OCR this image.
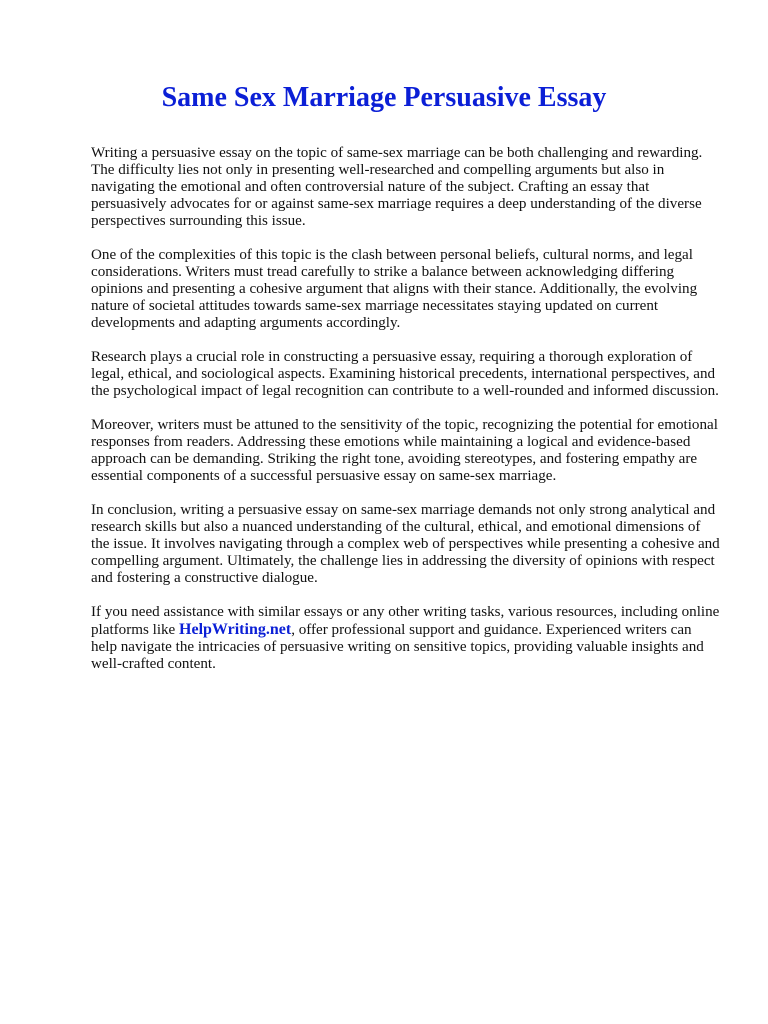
Same Sex Marriage Persuasive Essay

Writing a persuasive essay on the topic of same-sex marriage can be both challenging and rewarding. The difficulty lies not only in presenting well-researched and compelling arguments but also in navigating the emotional and often controversial nature of the subject. Crafting an essay that persuasively advocates for or against same-sex marriage requires a deep understanding of the diverse perspectives surrounding this issue.

One of the complexities of this topic is the clash between personal beliefs, cultural norms, and legal considerations. Writers must tread carefully to strike a balance between acknowledging differing opinions and presenting a cohesive argument that aligns with their stance. Additionally, the evolving nature of societal attitudes towards same-sex marriage necessitates staying updated on current developments and adapting arguments accordingly.

Research plays a crucial role in constructing a persuasive essay, requiring a thorough exploration of legal, ethical, and sociological aspects. Examining historical precedents, international perspectives, and the psychological impact of legal recognition can contribute to a well-rounded and informed discussion.

Moreover, writers must be attuned to the sensitivity of the topic, recognizing the potential for emotional responses from readers. Addressing these emotions while maintaining a logical and evidence-based approach can be demanding. Striking the right tone, avoiding stereotypes, and fostering empathy are essential components of a successful persuasive essay on same-sex marriage.

In conclusion, writing a persuasive essay on same-sex marriage demands not only strong analytical and research skills but also a nuanced understanding of the cultural, ethical, and emotional dimensions of the issue. It involves navigating through a complex web of perspectives while presenting a cohesive and compelling argument. Ultimately, the challenge lies in addressing the diversity of opinions with respect and fostering a constructive dialogue.

If you need assistance with similar essays or any other writing tasks, various resources, including online platforms like HelpWriting.net, offer professional support and guidance. Experienced writers can help navigate the intricacies of persuasive writing on sensitive topics, providing valuable insights and well-crafted content.
